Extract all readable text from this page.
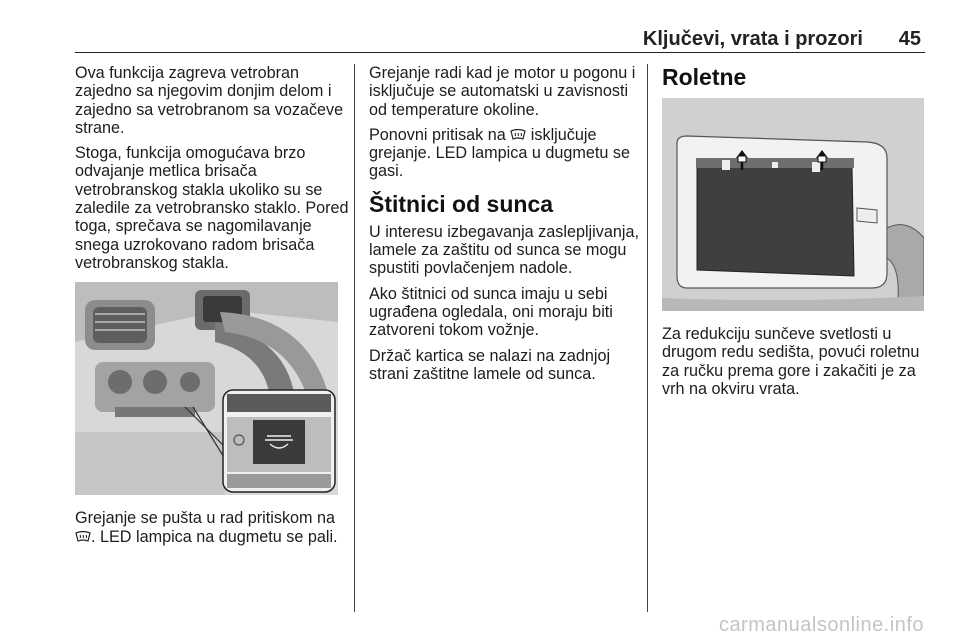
Ključevi, vrata i prozori 45

Ova funkcija zagreva vetrobran zajedno sa njegovim donjim delom i zajedno sa vetrobranom sa vozačeve strane.

Stoga, funkcija omogućava brzo odvajanje metlica brisača vetrobranskog stakla ukoliko su se zaledile za vetrobransko staklo. Pored toga, sprečava se nagomilavanje snega uzrokovano radom brisača vetrobranskog stakla.

Grejanje se pušta u rad pritiskom na . LED lampica na dugmetu se pali.

Grejanje radi kad je motor u pogonu i isključuje se automatski u zavisnosti od temperature okoline.

Ponovni pritisak na isključuje grejanje. LED lampica u dugmetu se gasi.

Štitnici od sunca

U interesu izbegavanja zaslepljivanja, lamele za zaštitu od sunca se mogu spustiti povlačenjem nadole.

Ako štitnici od sunca imaju u sebi ugrađena ogledala, oni moraju biti zatvoreni tokom vožnje.

Držač kartica se nalazi na zadnjoj strani zaštitne lamele od sunca.

Roletne

Za redukciju sunčeve svetlosti u drugom redu sedišta, povući roletnu za ručku prema gore i zakačiti je za vrh na okviru vrata.

carmanualsonline.info
